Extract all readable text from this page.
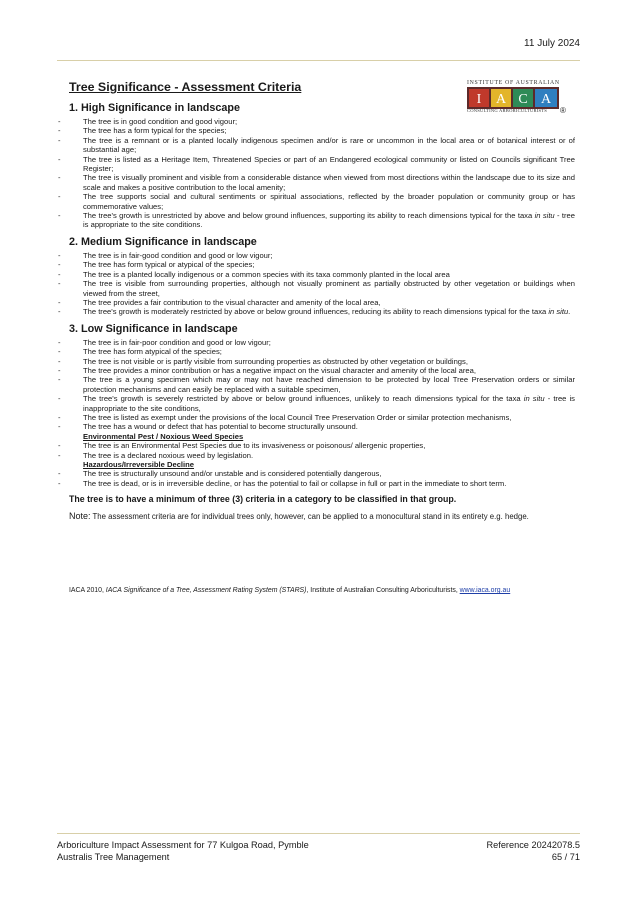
11 July 2024
INSTITUTE OF AUSTRALIAN
I A C A
CONSULTING ARBORICULTURISTS ®
Tree Significance - Assessment Criteria
1. High Significance in landscape
- The tree is in good condition and good vigour;
- The tree has a form typical for the species;
- The tree is a remnant or is a planted locally indigenous specimen and/or is rare or uncommon in the local area or of botanical interest or of substantial age;
- The tree is listed as a Heritage Item, Threatened Species or part of an Endangered ecological community or listed on Councils significant Tree Register;
- The tree is visually prominent and visible from a considerable distance when viewed from most directions within the landscape due to its size and scale and makes a positive contribution to the local amenity;
- The tree supports social and cultural sentiments or spiritual associations, reflected by the broader population or community group or has commemorative values;
- The tree's growth is unrestricted by above and below ground influences, supporting its ability to reach dimensions typical for the taxa in situ - tree is appropriate to the site conditions.
2. Medium Significance in landscape
- The tree is in fair-good condition and good or low vigour;
- The tree has form typical or atypical of the species;
- The tree is a planted locally indigenous or a common species with its taxa commonly planted in the local area
- The tree is visible from surrounding properties, although not visually prominent as partially obstructed by other vegetation or buildings when viewed from the street,
- The tree provides a fair contribution to the visual character and amenity of the local area,
- The tree's growth is moderately restricted by above or below ground influences, reducing its ability to reach dimensions typical for the taxa in situ.
3. Low Significance in landscape
- The tree is in fair-poor condition and good or low vigour;
- The tree has form atypical of the species;
- The tree is not visible or is partly visible from surrounding properties as obstructed by other vegetation or buildings,
- The tree provides a minor contribution or has a negative impact on the visual character and amenity of the local area,
- The tree is a young specimen which may or may not have reached dimension to be protected by local Tree Preservation orders or similar protection mechanisms and can easily be replaced with a suitable specimen,
- The tree's growth is severely restricted by above or below ground influences, unlikely to reach dimensions typical for the taxa in situ - tree is inappropriate to the site conditions,
- The tree is listed as exempt under the provisions of the local Council Tree Preservation Order or similar protection mechanisms,
- The tree has a wound or defect that has potential to become structurally unsound.
Environmental Pest / Noxious Weed Species
- The tree is an Environmental Pest Species due to its invasiveness or poisonous/ allergenic properties,
- The tree is a declared noxious weed by legislation.
Hazardous/Irreversible Decline
- The tree is structurally unsound and/or unstable and is considered potentially dangerous,
- The tree is dead, or is in irreversible decline, or has the potential to fail or collapse in full or part in the immediate to short term.
The tree is to have a minimum of three (3) criteria in a category to be classified in that group.
Note: The assessment criteria are for individual trees only, however, can be applied to a monocultural stand in its entirety e.g. hedge.
IACA 2010, IACA Significance of a Tree, Assessment Rating System (STARS), Institute of Australian Consulting Arboriculturists, www.iaca.org.au
Arboriculture Impact Assessment for 77 Kulgoa Road, Pymble
Australis Tree Management
Reference 20242078.5
65 / 71
